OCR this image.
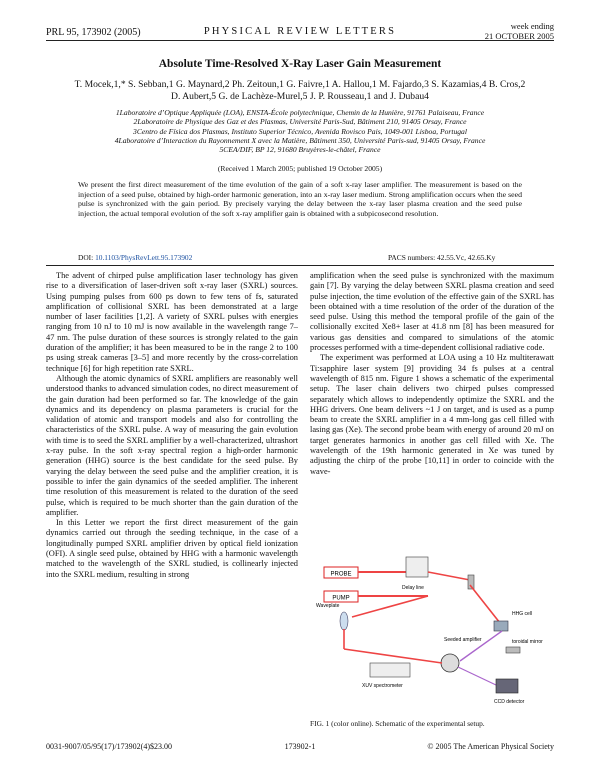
PRL 95, 173902 (2005)	PHYSICAL REVIEW LETTERS	week ending
21 OCTOBER 2005
Absolute Time-Resolved X-Ray Laser Gain Measurement
T. Mocek,1,* S. Sebban,1 G. Maynard,2 Ph. Zeitoun,1 G. Faivre,1 A. Hallou,1 M. Fajardo,3 S. Kazamias,4 B. Cros,2
D. Aubert,5 G. de Lachèze-Murel,5 J. P. Rousseau,1 and J. Dubau4
1Laboratoire d’Optique Appliquée (LOA), ENSTA-École polytechnique, Chemin de la Hunière, 91761 Palaiseau, France
2Laboratoire de Physique des Gaz et des Plasmas, Université Paris-Sud, Bâtiment 210, 91405 Orsay, France
3Centro de Física dos Plasmas, Instituto Superior Técnico, Avenida Rovisco Pais, 1049-001 Lisboa, Portugal
4Laboratoire d’Interaction du Rayonnement X avec la Matière, Bâtiment 350, Université Paris-sud, 91405 Orsay, France
5CEA/DIF, BP 12, 91680 Bruyères-le-châtel, France
(Received 1 March 2005; published 19 October 2005)
We present the first direct measurement of the time evolution of the gain of a soft x-ray laser amplifier. The measurement is based on the injection of a seed pulse, obtained by high-order harmonic generation, into an x-ray laser medium. Strong amplification occurs when the seed pulse is synchronized with the gain period. By precisely varying the delay between the x-ray laser plasma creation and the seed pulse injection, the actual temporal evolution of the soft x-ray amplifier gain is obtained with a subpicosecond resolution.
DOI: 10.1103/PhysRevLett.95.173902	PACS numbers: 42.55.Vc, 42.65.Ky

The advent of chirped pulse amplification laser technology has given rise to a diversification of laser-driven soft x-ray laser (SXRL) sources. Using pumping pulses from 600 ps down to few tens of fs, saturated amplification of collisional SXRL has been demonstrated at a large number of laser facilities [1,2]. A variety of SXRL pulses with energies ranging from 10 nJ to 10 mJ is now available in the wavelength range 7–47 nm. The pulse duration of these sources is strongly related to the gain duration of the amplifier; it has been measured to be in the range 2 to 100 ps using streak cameras [3–5] and more recently by the cross-correlation technique [6] for high repetition rate SXRL.

Although the atomic dynamics of SXRL amplifiers are reasonably well understood thanks to advanced simulation codes, no direct measurement of the gain duration had been performed so far. The knowledge of the gain dynamics and its dependency on plasma parameters is crucial for the validation of atomic and transport models and also for controlling the characteristics of the SXRL pulse. A way of measuring the gain evolution with time is to seed the SXRL amplifier by a well-characterized, ultrashort x-ray pulse. In the soft x-ray spectral region a high-order harmonic generation (HHG) source is the best candidate for the seed pulse. By varying the delay between the seed pulse and the amplifier creation, it is possible to infer the gain dynamics of the seeded amplifier. The inherent time resolution of this measurement is related to the duration of the seed pulse, which is required to be much shorter than the gain duration of the amplifier.

In this Letter we report the first direct measurement of the gain dynamics carried out through the seeding technique, in the case of a longitudinally pumped SXRL amplifier driven by optical field ionization (OFI). A single seed pulse, obtained by HHG with a harmonic wavelength matched to the wavelength of the SXRL studied, is collinearly injected into the SXRL medium, resulting in strong

amplification when the seed pulse is synchronized with the maximum gain [7]. By varying the delay between SXRL plasma creation and seed pulse injection, the time evolution of the effective gain of the SXRL has been obtained with a time resolution of the order of the duration of the seed pulse. Using this method the temporal profile of the gain of the collisionally excited Xe8+ laser at 41.8 nm [8] has been measured for various gas densities and compared to simulations of the atomic processes performed with a time-dependent collisional radiative code.

The experiment was performed at LOA using a 10 Hz multiterawatt Ti:sapphire laser system [9] providing 34 fs pulses at a central wavelength of 815 nm. Figure 1 shows a schematic of the experimental setup. The laser chain delivers two chirped pulses compressed separately which allows to independently optimize the SXRL and the HHG drivers. One beam delivers ~1 J on target, and is used as a pump beam to create the SXRL amplifier in a 4 mm-long gas cell filled with lasing gas (Xe). The second probe beam with energy of around 20 mJ on target generates harmonics in another gas cell filled with Xe. The wavelength of the 19th harmonic generated in Xe was tuned by adjusting the chirp of the probe [10,11] in order to coincide with the wave-

PROBE
PUMP
Delay line
Waveplate
HHG cell
toroidal mirror
Seeded amplifier
XUV spectrometer
CCD detector
FIG. 1 (color online). Schematic of the experimental setup.
0031-9007/05/95(17)/173902(4)$23.00	173902-1	© 2005 The American Physical Society
